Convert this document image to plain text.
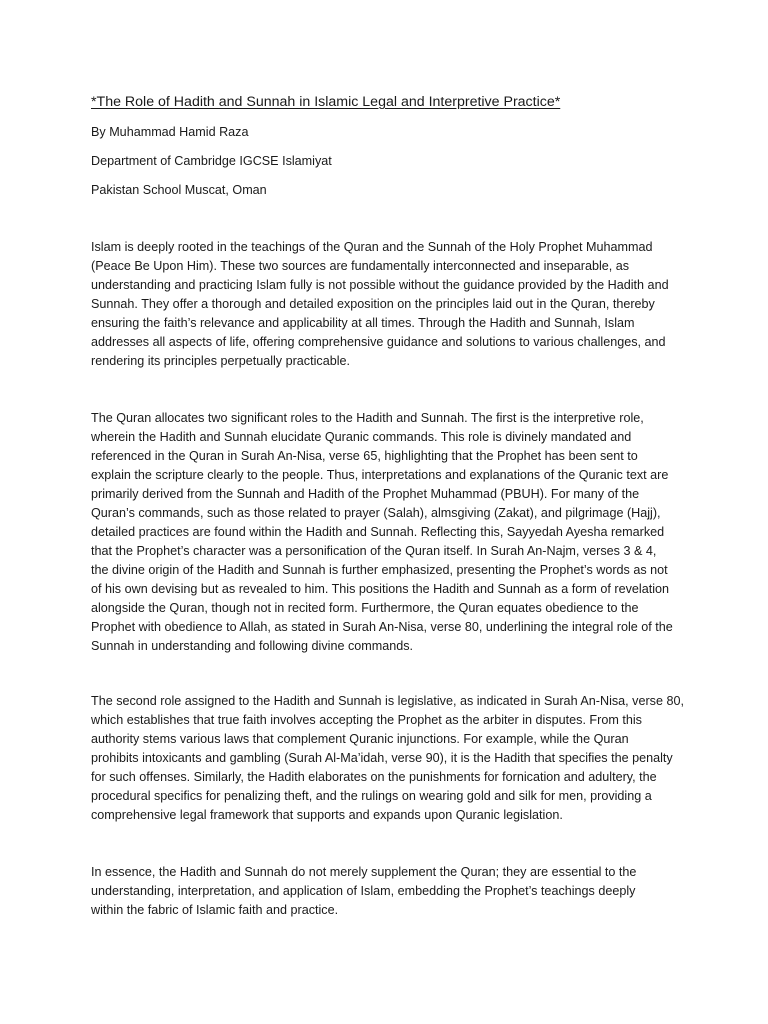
*The Role of Hadith and Sunnah in Islamic Legal and Interpretive Practice*

By Muhammad Hamid Raza

Department of Cambridge IGCSE Islamiyat

Pakistan School Muscat, Oman

Islam is deeply rooted in the teachings of the Quran and the Sunnah of the Holy Prophet Muhammad
(Peace Be Upon Him). These two sources are fundamentally interconnected and inseparable, as
understanding and practicing Islam fully is not possible without the guidance provided by the Hadith and
Sunnah. They offer a thorough and detailed exposition on the principles laid out in the Quran, thereby
ensuring the faith’s relevance and applicability at all times. Through the Hadith and Sunnah, Islam
addresses all aspects of life, offering comprehensive guidance and solutions to various challenges, and
rendering its principles perpetually practicable.

The Quran allocates two significant roles to the Hadith and Sunnah. The first is the interpretive role,
wherein the Hadith and Sunnah elucidate Quranic commands. This role is divinely mandated and
referenced in the Quran in Surah An-Nisa, verse 65, highlighting that the Prophet has been sent to
explain the scripture clearly to the people. Thus, interpretations and explanations of the Quranic text are
primarily derived from the Sunnah and Hadith of the Prophet Muhammad (PBUH). For many of the
Quran’s commands, such as those related to prayer (Salah), almsgiving (Zakat), and pilgrimage (Hajj),
detailed practices are found within the Hadith and Sunnah. Reflecting this, Sayyedah Ayesha remarked
that the Prophet’s character was a personification of the Quran itself. In Surah An-Najm, verses 3 & 4,
the divine origin of the Hadith and Sunnah is further emphasized, presenting the Prophet’s words as not
of his own devising but as revealed to him. This positions the Hadith and Sunnah as a form of revelation
alongside the Quran, though not in recited form. Furthermore, the Quran equates obedience to the
Prophet with obedience to Allah, as stated in Surah An-Nisa, verse 80, underlining the integral role of the
Sunnah in understanding and following divine commands.

The second role assigned to the Hadith and Sunnah is legislative, as indicated in Surah An-Nisa, verse 80,
which establishes that true faith involves accepting the Prophet as the arbiter in disputes. From this
authority stems various laws that complement Quranic injunctions. For example, while the Quran
prohibits intoxicants and gambling (Surah Al-Ma’idah, verse 90), it is the Hadith that specifies the penalty
for such offenses. Similarly, the Hadith elaborates on the punishments for fornication and adultery, the
procedural specifics for penalizing theft, and the rulings on wearing gold and silk for men, providing a
comprehensive legal framework that supports and expands upon Quranic legislation.

In essence, the Hadith and Sunnah do not merely supplement the Quran; they are essential to the
understanding, interpretation, and application of Islam, embedding the Prophet’s teachings deeply
within the fabric of Islamic faith and practice.
